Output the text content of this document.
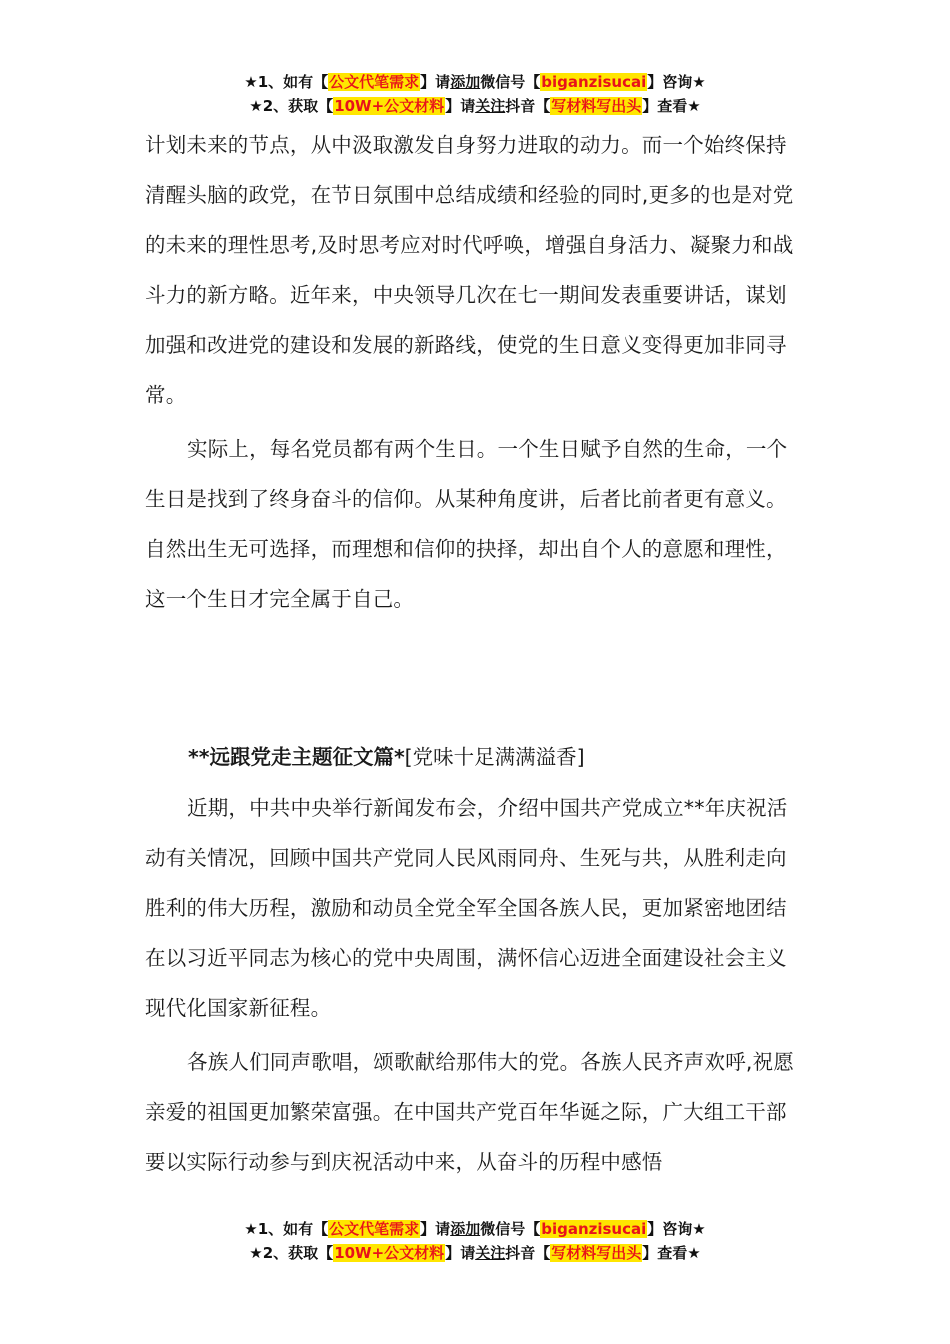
★1、如有【公文代笔需求】请添加微信号【biganzisucai】咨询★
★2、获取【10W+公文材料】请关注抖音【写材料写出头】查看★

计划未来的节点，从中汲取激发自身努力进取的动力。而一个始终保持清醒头脑的政党，在节日氛围中总结成绩和经验的同时,更多的也是对党的未来的理性思考,及时思考应对时代呼唤，增强自身活力、凝聚力和战斗力的新方略。近年来，中央领导几次在七一期间发表重要讲话，谋划加强和改进党的建设和发展的新路线，使党的生日意义变得更加非同寻常。

实际上，每名党员都有两个生日。一个生日赋予自然的生命，一个生日是找到了终身奋斗的信仰。从某种角度讲，后者比前者更有意义。自然出生无可选择，而理想和信仰的抉择，却出自个人的意愿和理性，这一个生日才完全属于自己。

**远跟党走主题征文篇*[党味十足满满溢香]

近期，中共中央举行新闻发布会，介绍中国共产党成立**年庆祝活动有关情况，回顾中国共产党同人民风雨同舟、生死与共，从胜利走向胜利的伟大历程，激励和动员全党全军全国各族人民，更加紧密地团结在以习近平同志为核心的党中央周围，满怀信心迈进全面建设社会主义现代化国家新征程。

各族人们同声歌唱，颂歌献给那伟大的党。各族人民齐声欢呼,祝愿亲爱的祖国更加繁荣富强。在中国共产党百年华诞之际，广大组工干部要以实际行动参与到庆祝活动中来，从奋斗的历程中感悟

★1、如有【公文代笔需求】请添加微信号【biganzisucai】咨询★
★2、获取【10W+公文材料】请关注抖音【写材料写出头】查看★
